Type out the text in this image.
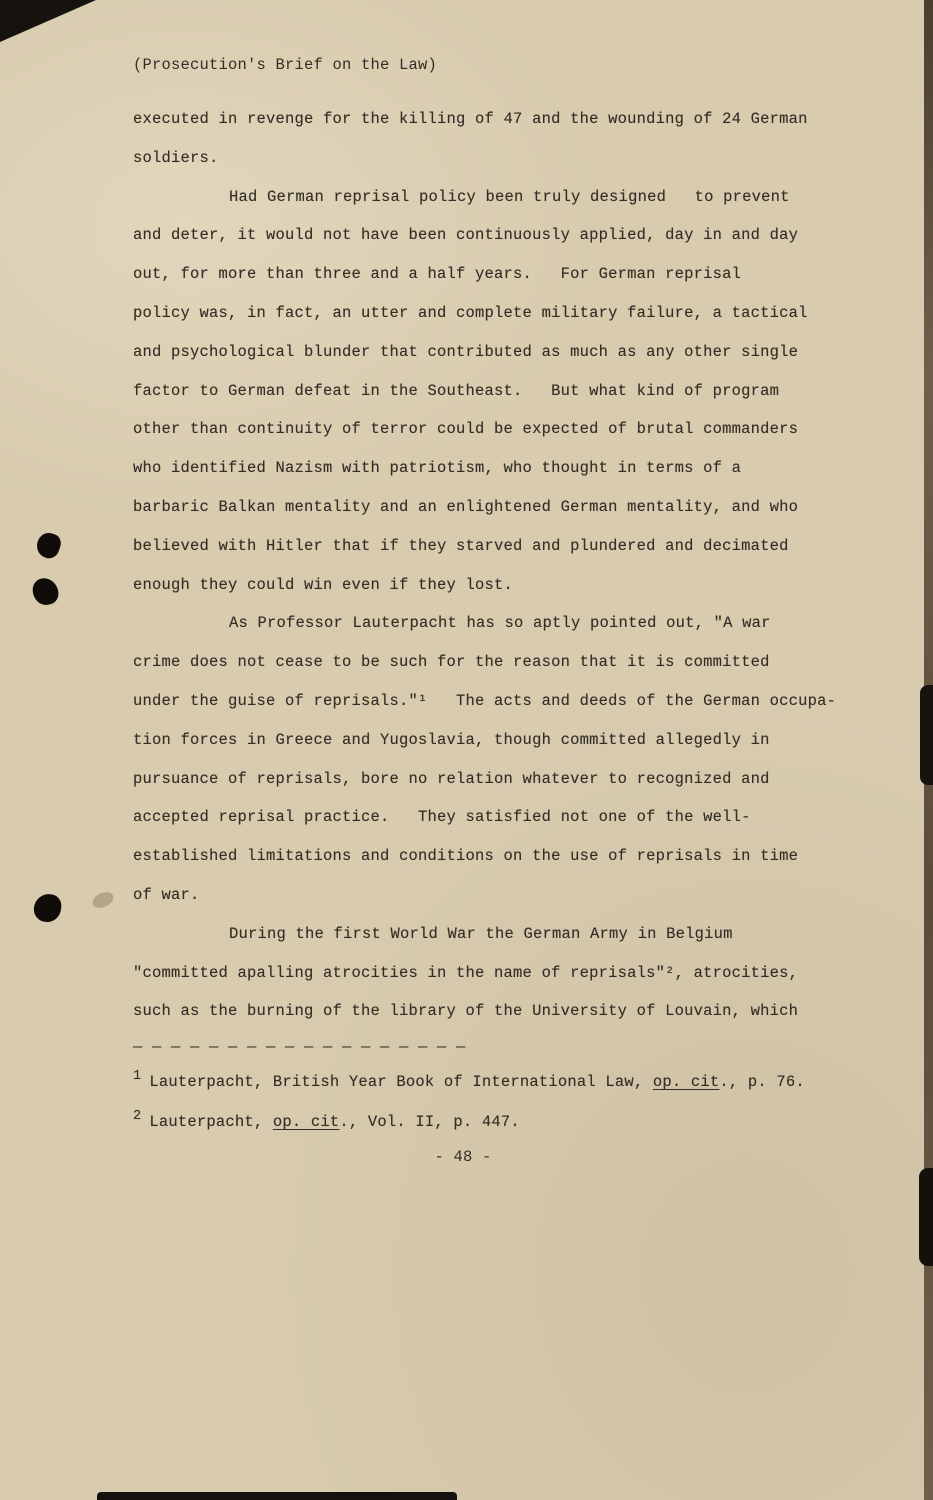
(Prosecution's Brief on the Law)
executed in revenge for the killing of 47 and the wounding of 24 German
soldiers.
Had German reprisal policy been truly designed   to prevent
and deter, it would not have been continuously applied, day in and day
out, for more than three and a half years.   For German reprisal
policy was, in fact, an utter and complete military failure, a tactical
and psychological blunder that contributed as much as any other single
factor to German defeat in the Southeast.   But what kind of program
other than continuity of terror could be expected of brutal commanders
who identified Nazism with patriotism, who thought in terms of a
barbaric Balkan mentality and an enlightened German mentality, and who
believed with Hitler that if they starved and plundered and decimated
enough they could win even if they lost.
As Professor Lauterpacht has so aptly pointed out, "A war
crime does not cease to be such for the reason that it is committed
under the guise of reprisals."¹   The acts and deeds of the German occupa-
tion forces in Greece and Yugoslavia, though committed allegedly in
pursuance of reprisals, bore no relation whatever to recognized and
accepted reprisal practice.   They satisfied not one of the well-
established limitations and conditions on the use of reprisals in time
of war.
During the first World War the German Army in Belgium
"committed apalling atrocities in the name of reprisals"², atrocities,
such as the burning of the library of the University of Louvain, which
— — — — — — — — — — — — — — — — — —
1 Lauterpacht, British Year Book of International Law, op. cit., p. 76.
2 Lauterpacht, op. cit., Vol. II, p. 447.
- 48 -
